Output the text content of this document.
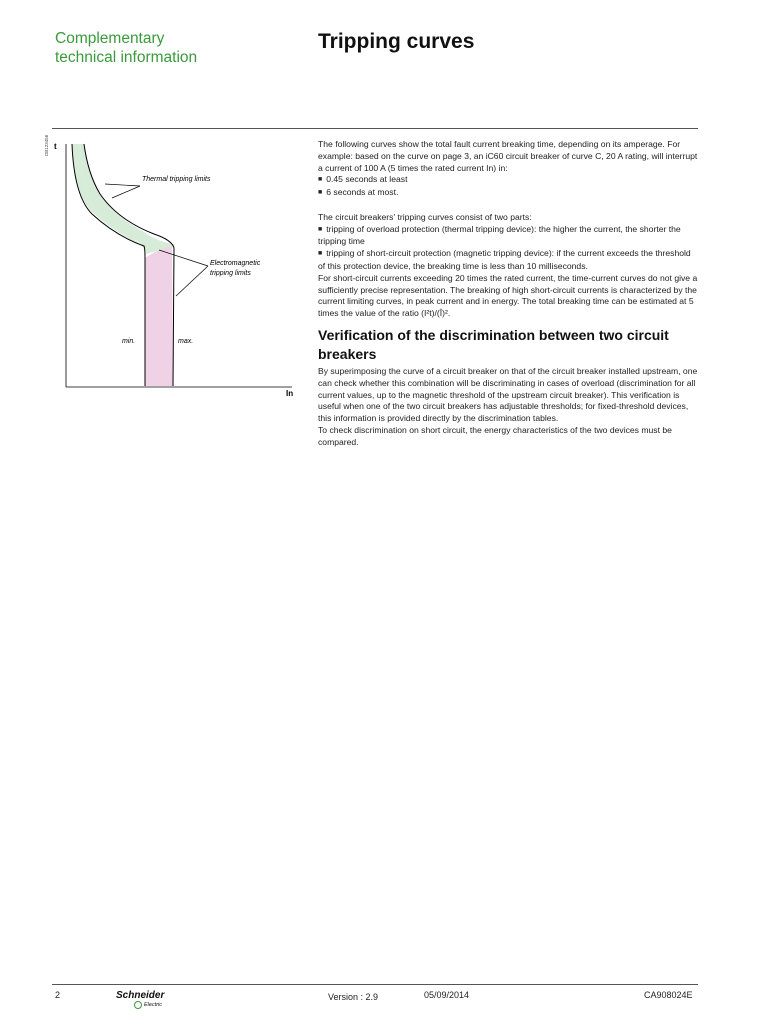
Complementary
technical information
Tripping curves
DB123456 t
In
Thermal tripping limits
Electromagnetic
tripping limits
min.	max.

The following curves show the total fault current breaking time, depending on its amperage. For example: based on the curve on page 3, an iC60 circuit breaker of curve C, 20 A rating, will interrupt a current of 100 A (5 times the rated current In) in:

■ 0.45 seconds at least

■ 6 seconds at most.

The circuit breakers' tripping curves consist of two parts:

■ tripping of overload protection (thermal tripping device): the higher the current, the shorter the tripping time

■ tripping of short-circuit protection (magnetic tripping device): if the current exceeds the threshold of this protection device, the breaking time is less than 10 milliseconds.

For short-circuit currents exceeding 20 times the rated current, the time-current curves do not give a sufficiently precise representation. The breaking of high short-circuit currents is characterized by the current limiting curves, in peak current and in energy. The total breaking time can be estimated at 5 times the value of the ratio (I²t)/(Î)².

Verification of the discrimination between two circuit breakers

By superimposing the curve of a circuit breaker on that of the circuit breaker installed upstream, one can check whether this combination will be discriminating in cases of overload (discrimination for all current values, up to the magnetic threshold of the upstream circuit breaker). This verification is useful when one of the two circuit breakers has adjustable thresholds; for fixed-threshold devices, this information is provided directly by the discrimination tables.

To check discrimination on short circuit, the energy characteristics of the two devices must be compared.

2	Schneider
Electric
Version : 2.9	05/09/2014	CA908024E
